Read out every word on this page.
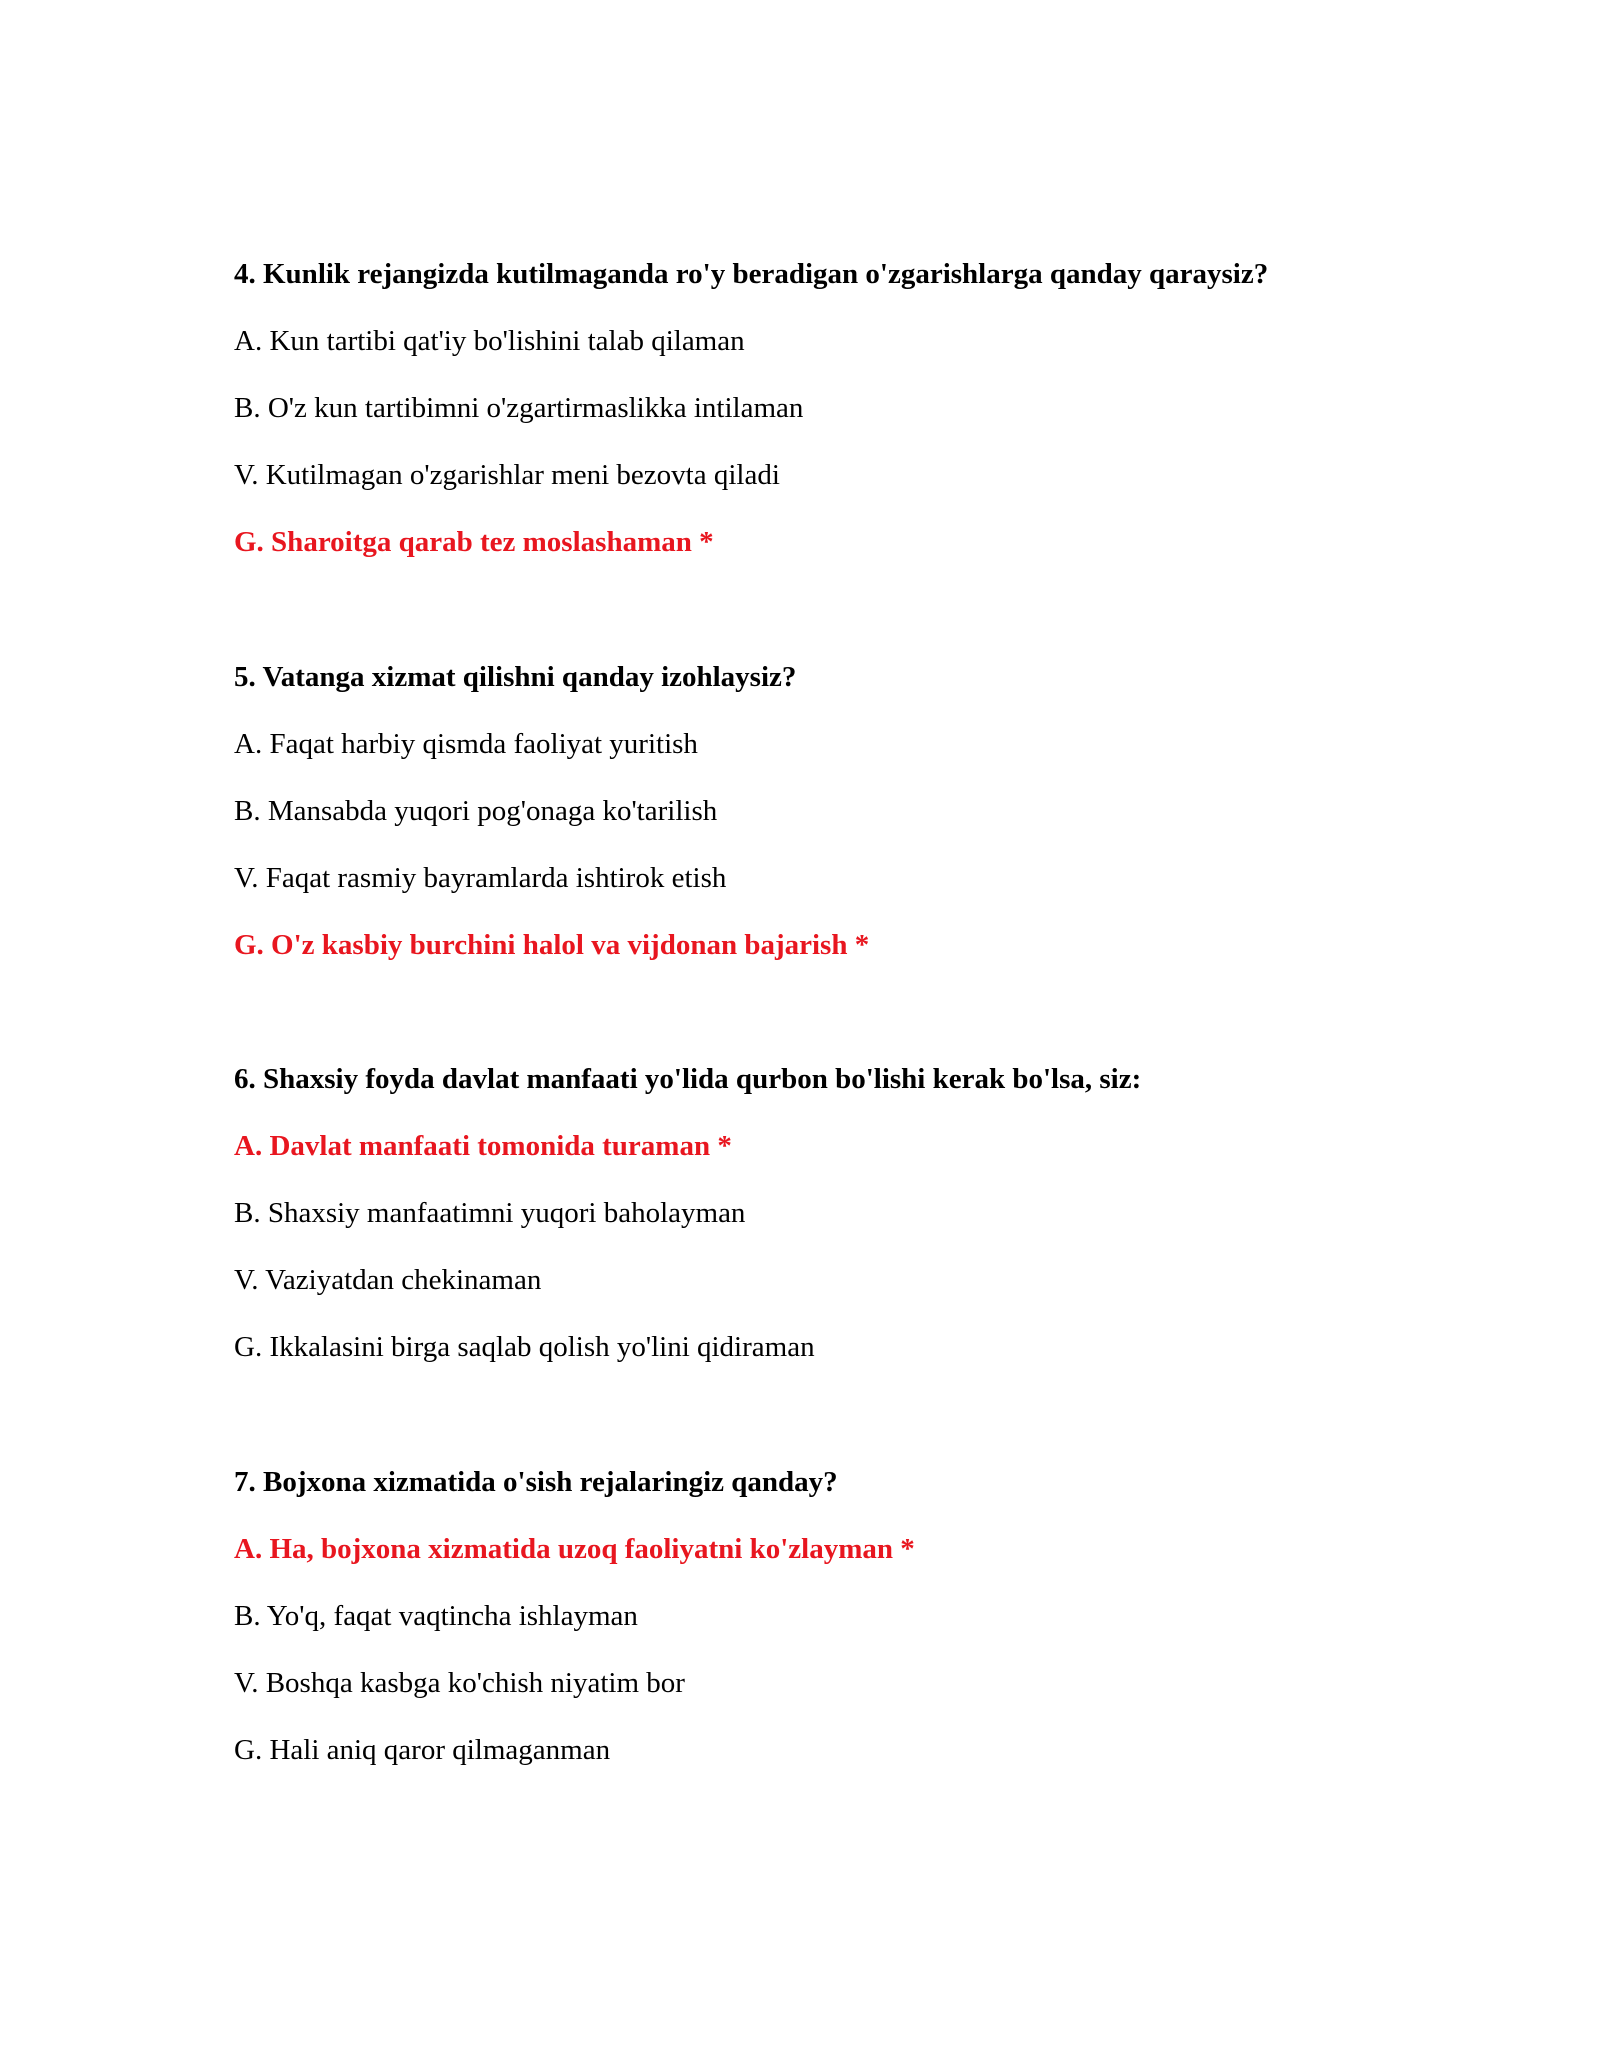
4. Kunlik rejangizda kutilmaganda ro'y beradigan o'zgarishlarga qanday qaraysiz?
A. Kun tartibi qat'iy bo'lishini talab qilaman
B. O'z kun tartibimni o'zgartirmaslikka intilaman
V. Kutilmagan o'zgarishlar meni bezovta qiladi
G. Sharoitga qarab tez moslashaman *
5. Vatanga xizmat qilishni qanday izohlaysiz?
A. Faqat harbiy qismda faoliyat yuritish
B. Mansabda yuqori pog'onaga ko'tarilish
V. Faqat rasmiy bayramlarda ishtirok etish
G. O'z kasbiy burchini halol va vijdonan bajarish *
6. Shaxsiy foyda davlat manfaati yo'lida qurbon bo'lishi kerak bo'lsa, siz:
A. Davlat manfaati tomonida turaman *
B. Shaxsiy manfaatimni yuqori baholayman
V. Vaziyatdan chekinaman
G. Ikkalasini birga saqlab qolish yo'lini qidiraman
7. Bojxona xizmatida o'sish rejalaringiz qanday?
A. Ha, bojxona xizmatida uzoq faoliyatni ko'zlayman *
B. Yo'q, faqat vaqtincha ishlayman
V. Boshqa kasbga ko'chish niyatim bor
G. Hali aniq qaror qilmaganman
